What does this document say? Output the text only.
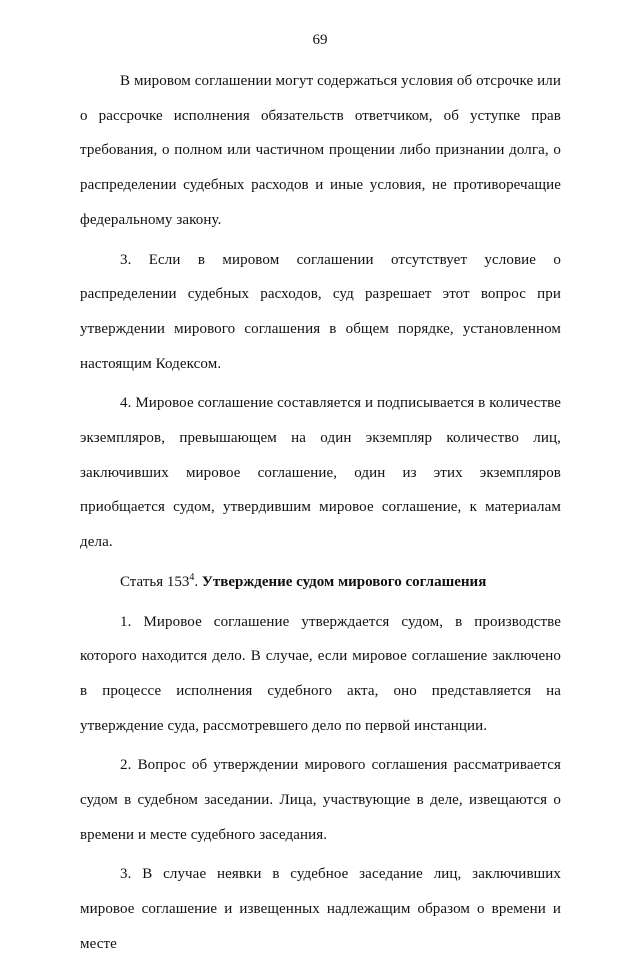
69

В мировом соглашении могут содержаться условия об отсрочке или о рассрочке исполнения обязательств ответчиком, об уступке прав требования, о полном или частичном прощении либо признании долга, о распределении судебных расходов и иные условия, не противоречащие федеральному закону.

3. Если в мировом соглашении отсутствует условие о распределении судебных расходов, суд разрешает этот вопрос при утверждении мирового соглашения в общем порядке, установленном настоящим Кодексом.

4. Мировое соглашение составляется и подписывается в количестве экземпляров, превышающем на один экземпляр количество лиц, заключивших мировое соглашение, один из этих экземпляров приобщается судом, утвердившим мировое соглашение, к материалам дела.

Статья $153^4$. Утверждение судом мирового соглашения

1. Мировое соглашение утверждается судом, в производстве которого находится дело. В случае, если мировое соглашение заключено в процессе исполнения судебного акта, оно представляется на утверждение суда, рассмотревшего дело по первой инстанции.

2. Вопрос об утверждении мирового соглашения рассматривается судом в судебном заседании. Лица, участвующие в деле, извещаются о времени и месте судебного заседания.

3. В случае неявки в судебное заседание лиц, заключивших мировое соглашение и извещенных надлежащим образом о времени и месте
